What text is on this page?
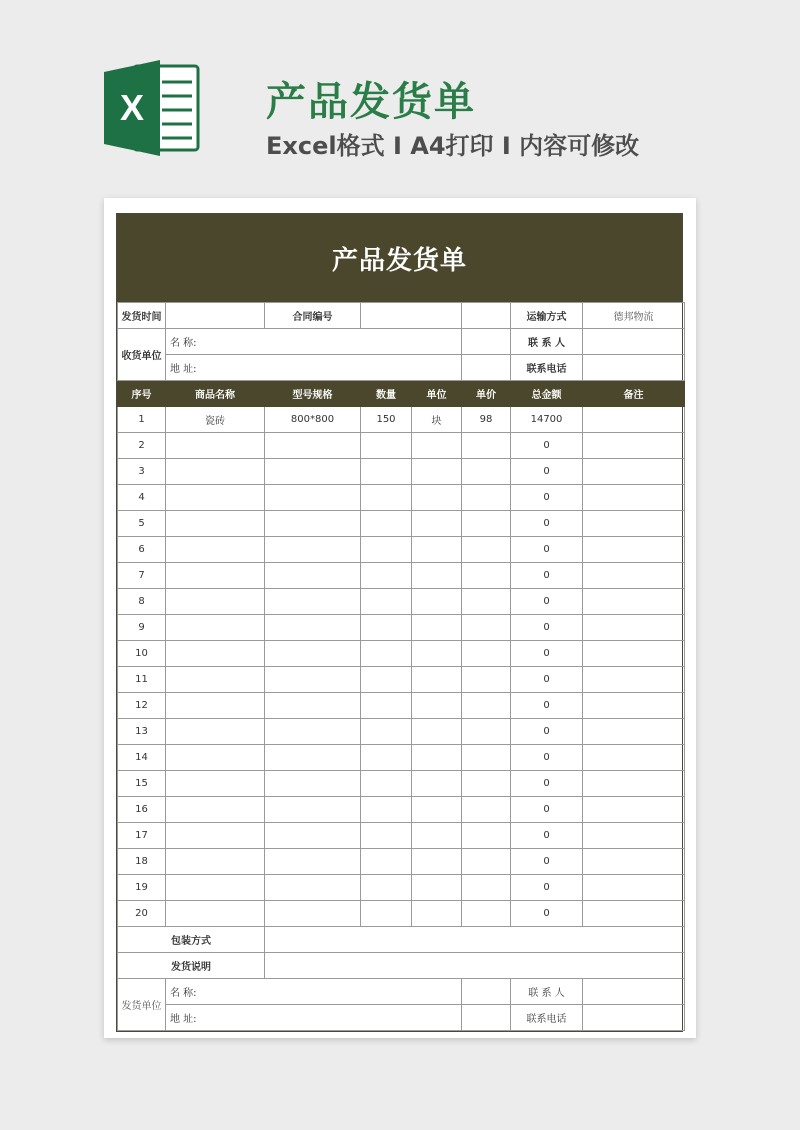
X	产品发货单
Excel格式 I A4打印 I 内容可修改
产品发货单
发货时间		合同编号				运输方式	德邦物流
收货单位	名 称:					联 系 人	
	地 址:					联系电话	
序号	商品名称	型号规格	数量	单位	单价	总金额	备注
1	瓷砖	800*800	150	块	98	14700	
2						0	
3						0	
4						0	
5						0	
6						0	
7						0	
8						0	
9						0	
10						0	
11						0	
12						0	
13						0	
14						0	
15						0	
16						0	
17						0	
18						0	
19						0	
20						0	
包装方式							
发货说明							
发货单位	名 称:					联 系 人	
	地 址:					联系电话	
